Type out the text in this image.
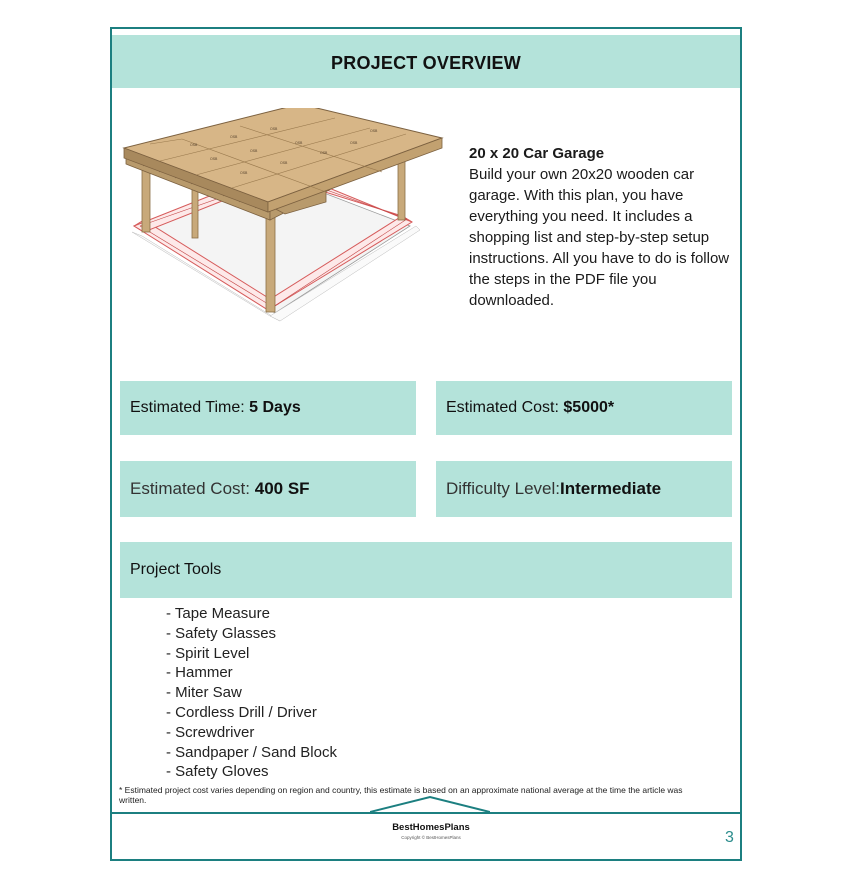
PROJECT OVERVIEW
OSB
OSB
OSB
OSB
OSB
OSB
OSB
OSB
OSB
OSB
OSB
20 x 20 Car Garage
Build your own 20x20 wooden car garage. With this plan, you have everything you need. It includes a shopping list and step-by-step setup instructions. All you have to do is follow the steps in the PDF file you downloaded.
Estimated Time:
5 Days	Estimated Cost:
$5000*
Estimated Cost:
400 SF	Difficulty Level: Intermediate
Project Tools
- Tape Measure
- Safety Glasses
- Spirit Level
- Hammer
- Miter Saw
- Cordless Drill / Driver
- Screwdriver
- Sandpaper / Sand Block
- Safety Gloves
* Estimated project cost varies depending on region and country, this estimate is based on an approximate national average at the time the article was written.
BestHomesPlans
Copyright © BestHomesPlans	3
